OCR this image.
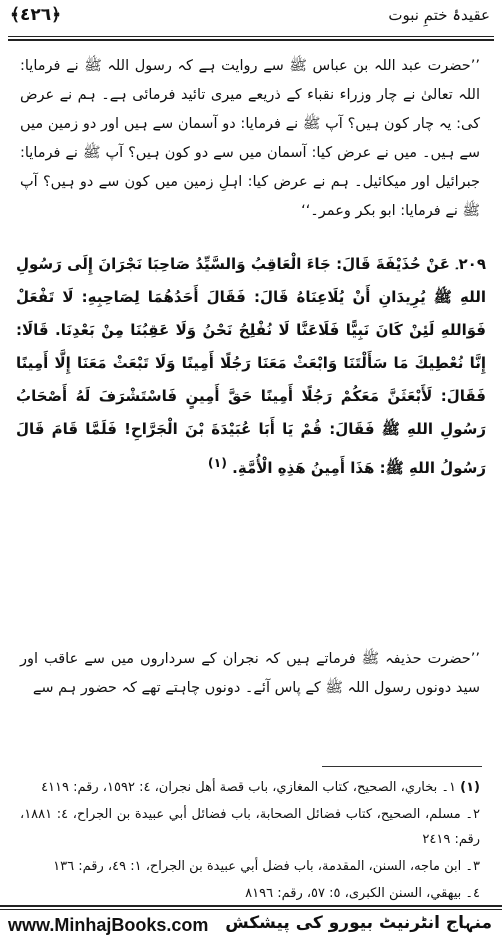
﴾٤٢٦﴿	عقیدۂ ختمِ نبوت
’’حضرت عبد اللہ بن عباس ﷺ سے روایت ہے کہ رسول اللہ ﷺ نے فرمایا: اللہ تعالیٰ نے چار وزراء نقباء کے ذریعے میری تائید فرمائی ہے۔ ہم نے عرض کی: یہ چار کون ہیں؟ آپ ﷺ نے فرمایا: دو آسمان سے ہیں اور دو زمین میں سے ہیں۔ میں نے عرض کیا: آسمان میں سے دو کون ہیں؟ آپ ﷺ نے فرمایا: جبرائیل اور میکائیل۔ ہم نے عرض کیا: اہلِ زمین میں کون سے دو ہیں؟ آپ ﷺ نے فرمایا: ابو بکر وعمر۔‘‘
٢٠٩۔ عَنْ حُذَيْفَةَ قَالَ: جَاءَ الْعَاقِبُ وَالسَّيِّدُ صَاحِبَا نَجْرَانَ إِلَى رَسُولِ اللهِ ﷺ يُرِيدَانِ أَنْ يُلَاعِنَاهُ قَالَ: فَقَالَ أَحَدُهُمَا لِصَاحِبِهِ: لَا تَفْعَلْ فَوَاللهِ لَئِنْ كَانَ نَبِيًّا فَلَاعَنَّا لَا نُفْلِحُ نَحْنُ وَلَا عَقِبُنَا مِنْ بَعْدِنَا. قَالَا: إِنَّا نُعْطِيكَ مَا سَأَلْتَنَا وَابْعَثْ مَعَنَا رَجُلًا أَمِينًا وَلَا تَبْعَثْ مَعَنَا إِلَّا أَمِينًا فَقَالَ: لَأَبْعَثَنَّ مَعَكُمْ رَجُلًا أَمِينًا حَقَّ أَمِينٍ فَاسْتَشْرَفَ لَهُ أَصْحَابُ رَسُولِ اللهِ ﷺ فَقَالَ: قُمْ يَا أَبَا عُبَيْدَةَ بْنَ الْجَرَّاحِ! فَلَمَّا قَامَ قَالَ رَسُولُ اللهِ ﷺ: هَذَا أَمِينُ هَذِهِ الْأُمَّةِ. $^{(١)}$
’’حضرت حذیفہ ﷺ فرماتے ہیں کہ نجران کے سرداروں میں سے عاقب اور سید دونوں رسول اللہ ﷺ کے پاس آئے۔ دونوں چاہتے تھے کہ حضور ہم سے

(١) ١۔ بخاري، الصحيح، كتاب المغازي، باب قصة أهل نجران، ٤: ١٥٩٢، رقم: ٤١١٩

٢۔ مسلم، الصحيح، كتاب فضائل الصحابة، باب فضائل أبي عبيدة بن الجراح، ٤: ١٨٨١، رقم: ٢٤١٩

٣۔ ابن ماجه، السنن، المقدمة، باب فضل أبي عبيدة بن الجراح، ١: ٤٩، رقم: ١٣٦

٤۔ بيهقي، السنن الكبرى، ٥: ٥٧، رقم: ٨١٩٦

www.MinhajBooks.com منہاج انٹرنیٹ بیورو کی پیشکش
